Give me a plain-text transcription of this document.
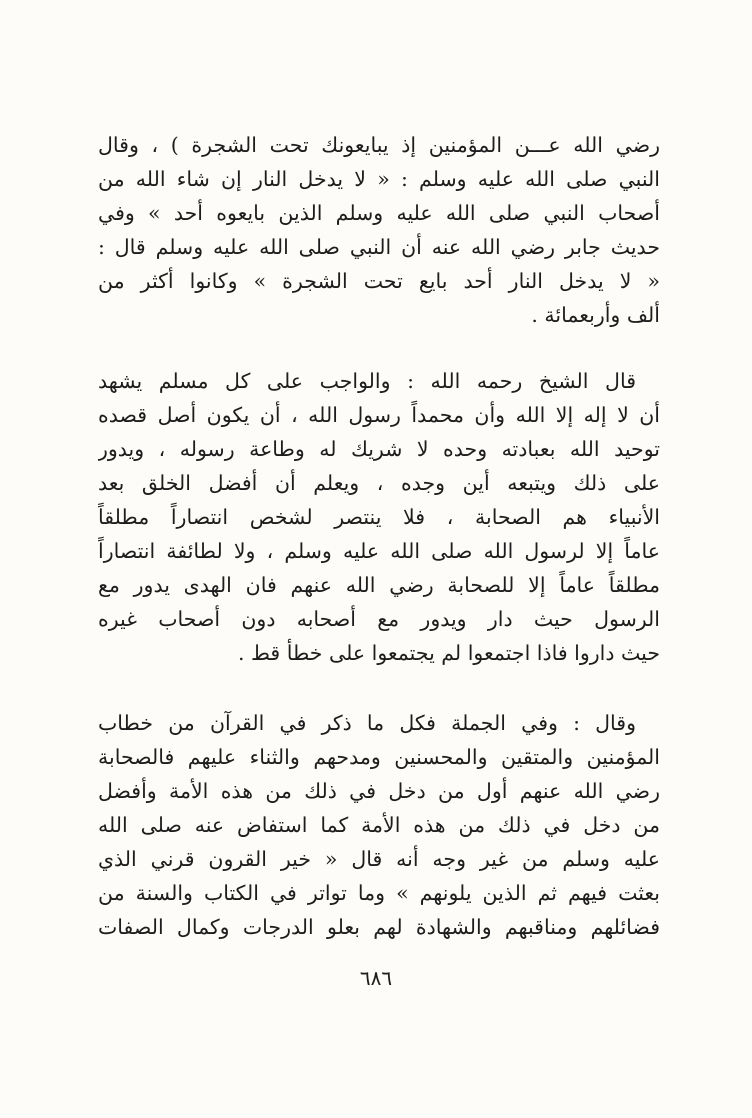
رضي الله عـــن المؤمنين إذ يبايعونك تحت الشجرة ) ، وقال
النبي صلى الله عليه وسلم : « لا يدخل النار إن شاء الله من
أصحاب النبي صلى الله عليه وسلم الذين بايعوه أحد » وفي
حديث جابر رضي الله عنه أن النبي صلى الله عليه وسلم قال :
« لا يدخل النار أحد بايع تحت الشجرة » وكانوا أكثر من
ألف وأربعمائة .
قال الشيخ رحمه الله : والواجب على كل مسلم يشهد
أن لا إله إلا الله وأن محمداً رسول الله ، أن يكون أصل قصده
توحيد الله بعبادته وحده لا شريك له وطاعة رسوله ، ويدور
على ذلك ويتبعه أين وجده ، ويعلم أن أفضل الخلق بعد
الأنبياء هم الصحابة ، فلا ينتصر لشخص انتصاراً مطلقاً
عاماً إلا لرسول الله صلى الله عليه وسلم ، ولا لطائفة انتصاراً
مطلقاً عاماً إلا للصحابة رضي الله عنهم فان الهدى يدور مع
الرسول حيث دار ويدور مع أصحابه دون أصحاب غيره
حيث داروا فاذا اجتمعوا لم يجتمعوا على خطأ قط .
وقال : وفي الجملة فكل ما ذكر في القرآن من خطاب
المؤمنين والمتقين والمحسنين ومدحهم والثناء عليهم فالصحابة
رضي الله عنهم أول من دخل في ذلك من هذه الأمة وأفضل
من دخل في ذلك من هذه الأمة كما استفاض عنه صلى الله
عليه وسلم من غير وجه أنه قال « خير القرون قرني الذي
بعثت فيهم ثم الذين يلونهم » وما تواتر في الكتاب والسنة من
فضائلهم ومناقبهم والشهادة لهم بعلو الدرجات وكمال الصفات
٦٨٦
